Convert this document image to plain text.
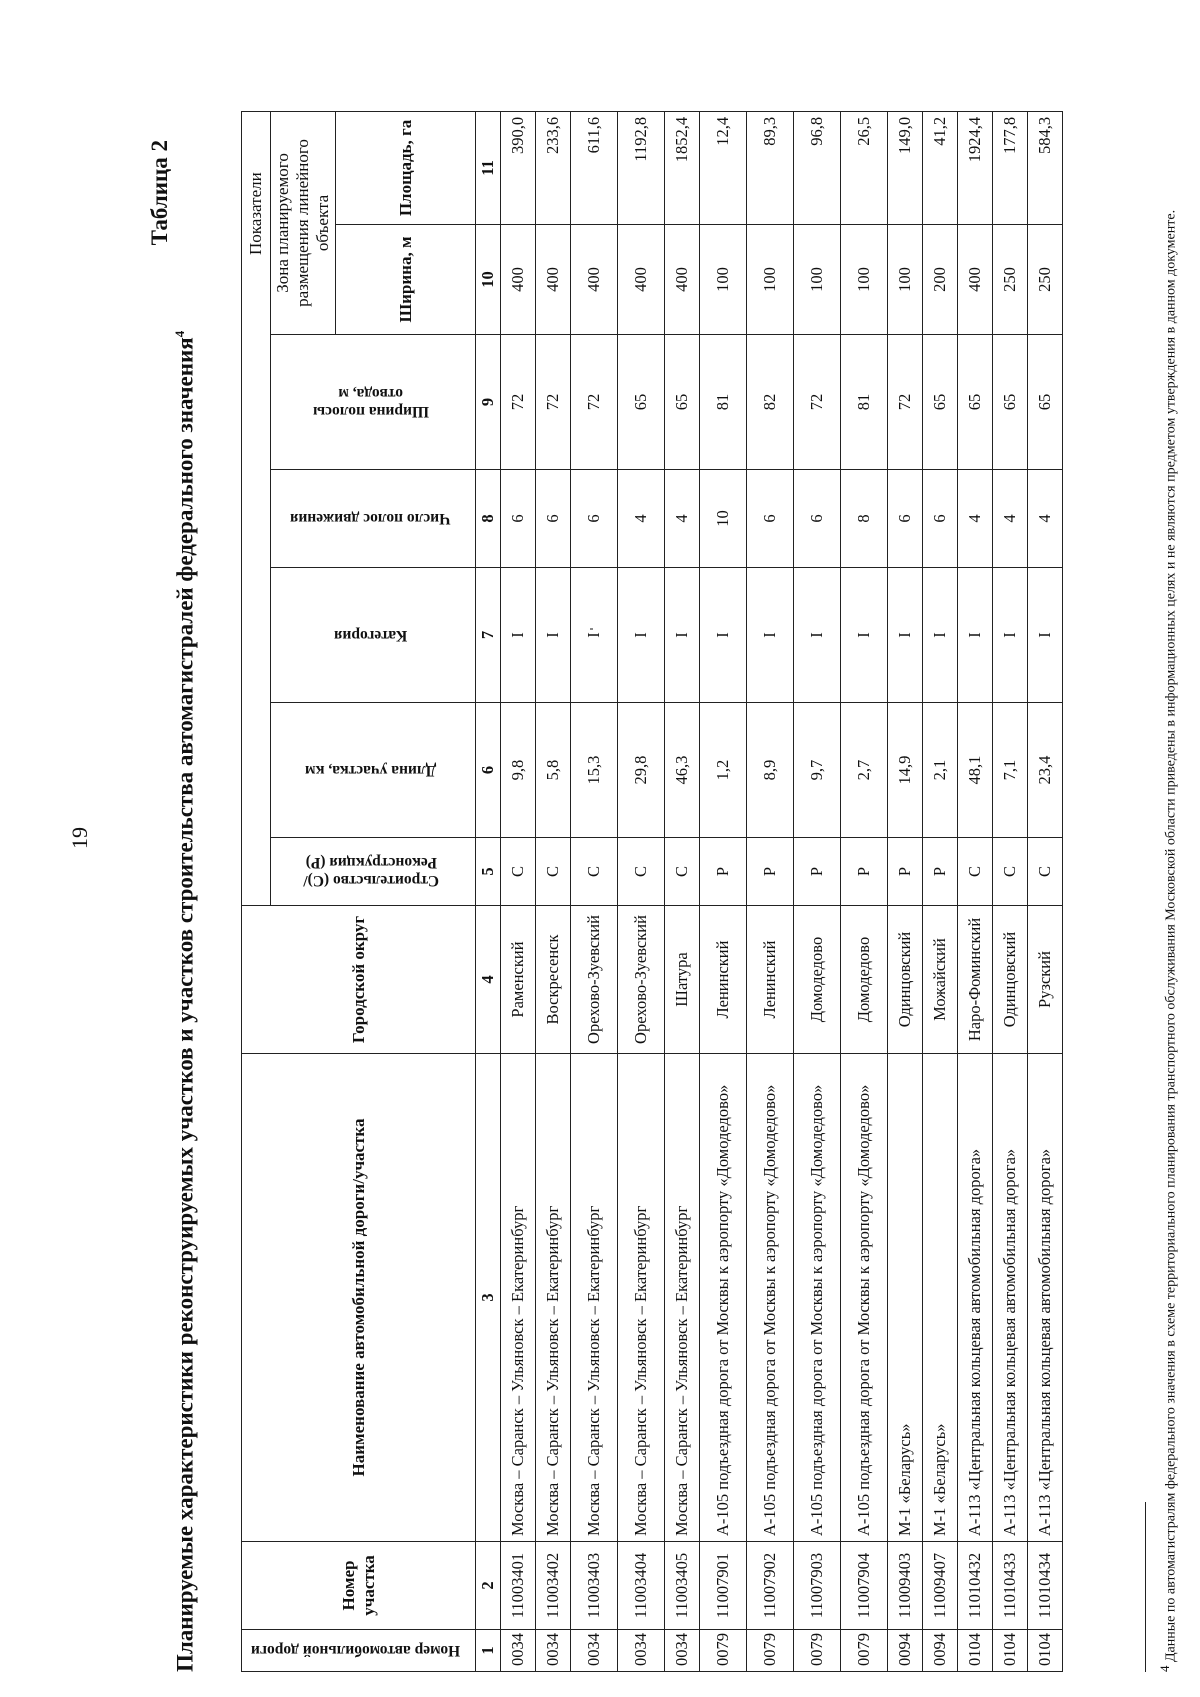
19
Таблица 2
Планируемые характеристики реконструируемых участков и участков строительства автомагистралей федерального значения$^4$
Номер автомобильной дороги	Номер участка	Наименование автомобильной дороги/участка	Городской округ	Показатели						
				Строительство (С)/ Реконструкция (Р)	Длина участка, км	Категория	Число полос движения	Ширина полосы отвода, м	Зона планируемого размещения линейного объекта	
									Ширина, м	Площадь, га
1	2	3	4	5	6	7	8	9	10	11
0034	11003401	Москва – Саранск – Ульяновск – Екатеринбург	Раменский	С	9,8	I	6	72	400	390,0
0034	11003402	Москва – Саранск – Ульяновск – Екатеринбург	Воскресенск	С	5,8	I	6	72	400	233,6
0034	11003403	Москва – Саранск – Ульяновск – Екатеринбург	Орехово-Зуевский	С	15,3	I	6	72	400	611,6
0034	11003404	Москва – Саранск – Ульяновск – Екатеринбург	Орехово-Зуевский	С	29,8	I	4	65	400	1192,8
0034	11003405	Москва – Саранск – Ульяновск – Екатеринбург	Шатура	С	46,3	I	4	65	400	1852,4
0079	11007901	А-105 подъездная дорога от Москвы к аэропорту «Домодедово»	Ленинский	Р	1,2	I	10	81	100	12,4
0079	11007902	А-105 подъездная дорога от Москвы к аэропорту «Домодедово»	Ленинский	Р	8,9	I	6	82	100	89,3
0079	11007903	А-105 подъездная дорога от Москвы к аэропорту «Домодедово»	Домодедово	Р	9,7	I	6	72	100	96,8
0079	11007904	А-105 подъездная дорога от Москвы к аэропорту «Домодедово»	Домодедово	Р	2,7	I	8	81	100	26,5
0094	11009403	М-1 «Беларусь»	Одинцовский	Р	14,9	I	6	72	100	149,0
0094	11009407	М-1 «Беларусь»	Можайский	Р	2,1	I	6	65	200	41,2
0104	11010432	А-113 «Центральная кольцевая автомобильная дорога»	Наро-Фоминский	С	48,1	I	4	65	400	1924,4
0104	11010433	А-113 «Центральная кольцевая автомобильная дорога»	Одинцовский	С	7,1	I	4	65	250	177,8
0104	11010434	А-113 «Центральная кольцевая автомобильная дорога»	Рузский	С	23,4	I	4	65	250	584,3
$^4$ Данные по автомагистралям федерального значения в схеме территориального планирования транспортного обслуживания Московской области приведены в информационных целях и не являются предметом утверждения в данном документе.
